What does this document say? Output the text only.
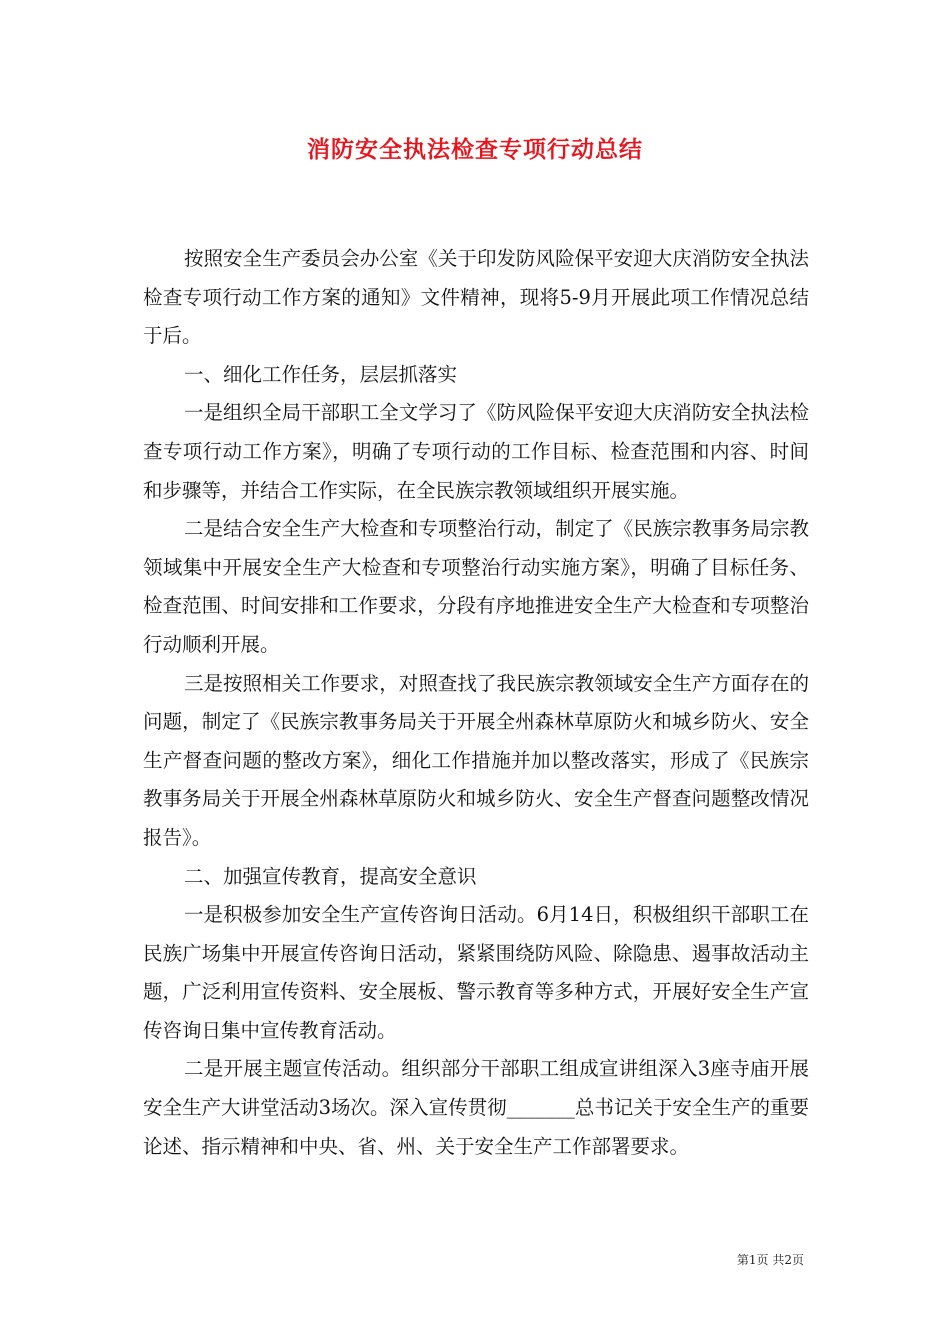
消防安全执法检查专项行动总结

按照安全生产委员会办公室《关于印发防风险保平安迎大庆消防安全执法检查专项行动工作方案的通知》文件精神，现将5-9月开展此项工作情况总结于后。

一、细化工作任务，层层抓落实

一是组织全局干部职工全文学习了《防风险保平安迎大庆消防安全执法检查专项行动工作方案》，明确了专项行动的工作目标、检查范围和内容、时间和步骤等，并结合工作实际，在全民族宗教领域组织开展实施。

二是结合安全生产大检查和专项整治行动，制定了《民族宗教事务局宗教领域集中开展安全生产大检查和专项整治行动实施方案》，明确了目标任务、检查范围、时间安排和工作要求，分段有序地推进安全生产大检查和专项整治行动顺利开展。

三是按照相关工作要求，对照查找了我民族宗教领域安全生产方面存在的问题，制定了《民族宗教事务局关于开展全州森林草原防火和城乡防火、安全生产督查问题的整改方案》，细化工作措施并加以整改落实，形成了《民族宗教事务局关于开展全州森林草原防火和城乡防火、安全生产督查问题整改情况报告》。

二、加强宣传教育，提高安全意识

一是积极参加安全生产宣传咨询日活动。6月14日，积极组织干部职工在民族广场集中开展宣传咨询日活动，紧紧围绕防风险、除隐患、遏事故活动主题，广泛利用宣传资料、安全展板、警示教育等多种方式，开展好安全生产宣传咨询日集中宣传教育活动。

二是开展主题宣传活动。组织部分干部职工组成宣讲组深入3座寺庙开展安全生产大讲堂活动3场次。深入宣传贯彻_______总书记关于安全生产的重要论述、指示精神和中央、省、州、关于安全生产工作部署要求。

第1页 共2页
